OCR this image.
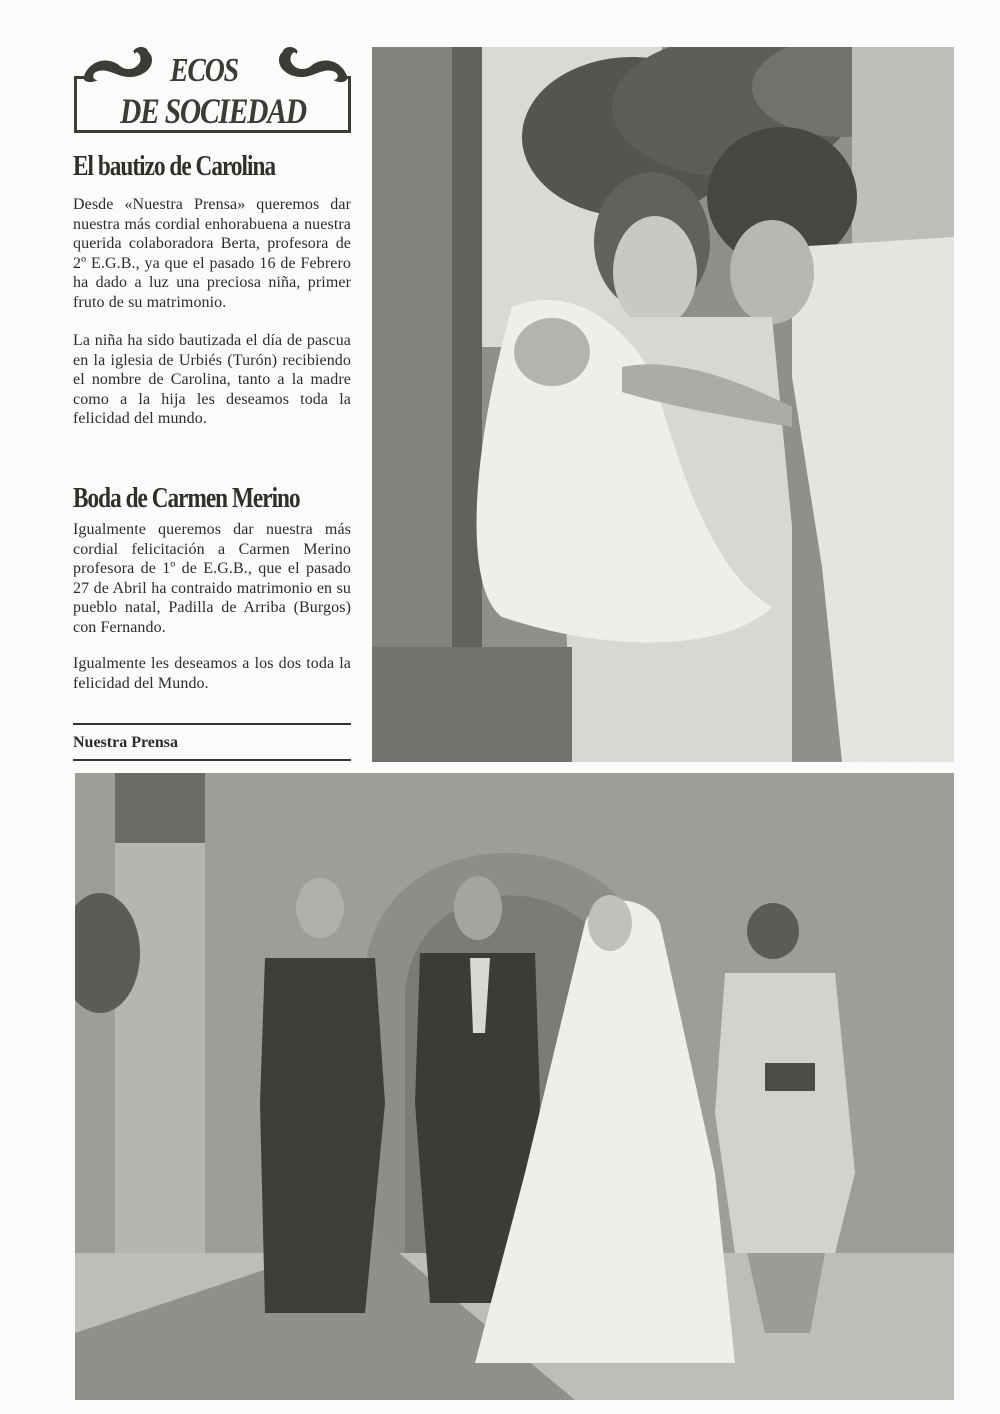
ECOS
DE SOCIEDAD
El bautizo de Carolina

Desde «Nuestra Prensa» queremos dar nuestra más cordial enhorabuena a nuestra querida colaboradora Berta, profesora de 2º E.G.B., ya que el pasado 16 de Febrero ha dado a luz una preciosa niña, primer fruto de su matrimonio.

La niña ha sido bautizada el día de pascua en la iglesia de Urbiés (Turón) recibiendo el nombre de Carolina, tanto a la madre como a la hija les deseamos toda la felicidad del mundo.

Boda de Carmen Merino

Igualmente queremos dar nuestra más cordial felicitación a Carmen Merino profesora de 1º de E.G.B., que el pasado 27 de Abril ha contraido matrimonio en su pueblo natal, Padilla de Arriba (Burgos) con Fernando.

Igualmente les deseamos a los dos toda la felicidad del Mundo.

Nuestra Prensa
